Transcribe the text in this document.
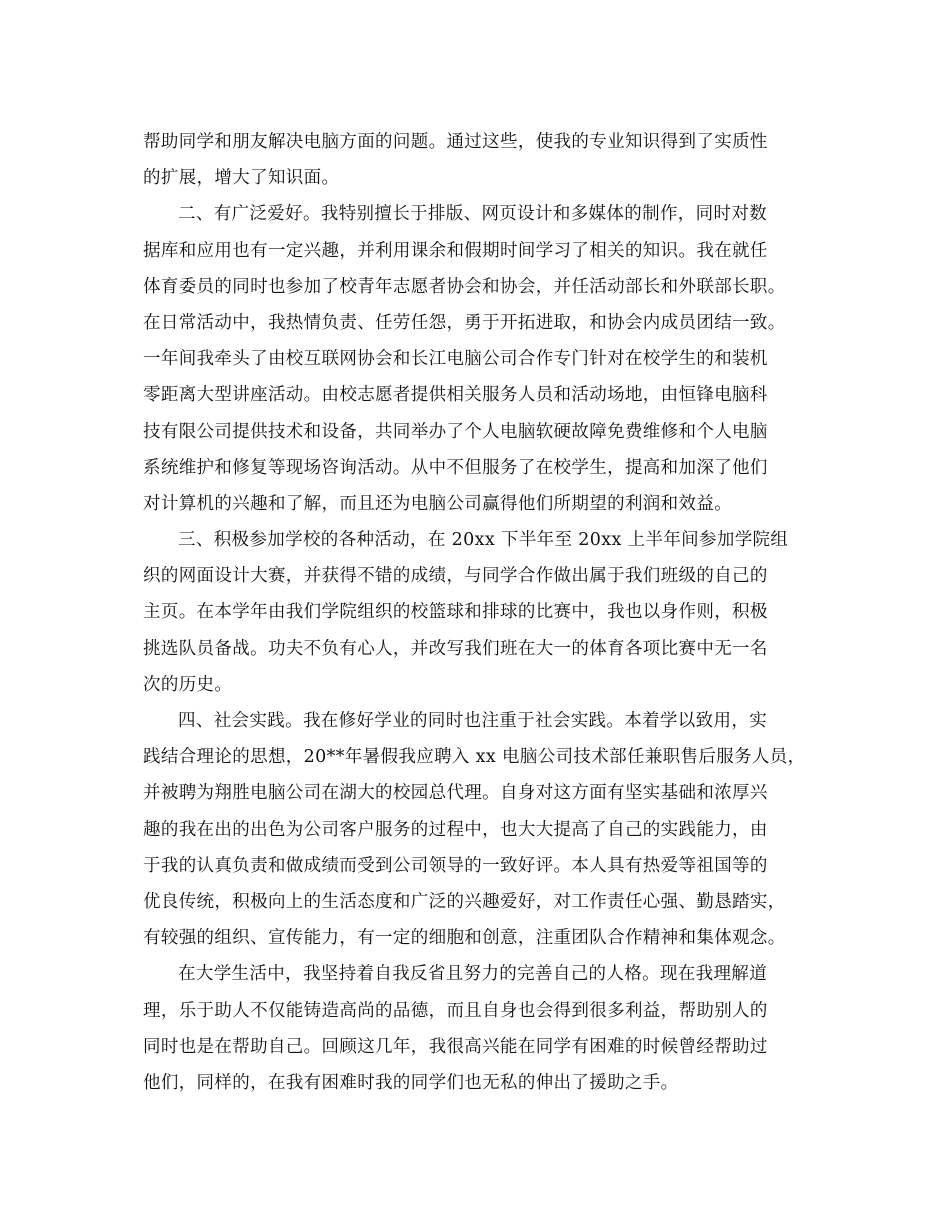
帮助同学和朋友解决电脑方面的问题。通过这些，使我的专业知识得到了实质性
的扩展，增大了知识面。

二、有广泛爱好。我特别擅长于排版、网页设计和多媒体的制作，同时对数
据库和应用也有一定兴趣，并利用课余和假期时间学习了相关的知识。我在就任
体育委员的同时也参加了校青年志愿者协会和协会，并任活动部长和外联部长职。
在日常活动中，我热情负责、任劳任怨，勇于开拓进取，和协会内成员团结一致。
一年间我牵头了由校互联网协会和长江电脑公司合作专门针对在校学生的和装机
零距离大型讲座活动。由校志愿者提供相关服务人员和活动场地，由恒锋电脑科
技有限公司提供技术和设备，共同举办了个人电脑软硬故障免费维修和个人电脑
系统维护和修复等现场咨询活动。从中不但服务了在校学生，提高和加深了他们
对计算机的兴趣和了解，而且还为电脑公司赢得他们所期望的利润和效益。

三、积极参加学校的各种活动，在 20xx 下半年至 20xx 上半年间参加学院组
织的网面设计大赛，并获得不错的成绩，与同学合作做出属于我们班级的自己的
主页。在本学年由我们学院组织的校篮球和排球的比赛中，我也以身作则，积极
挑选队员备战。功夫不负有心人，并改写我们班在大一的体育各项比赛中无一名
次的历史。

四、社会实践。我在修好学业的同时也注重于社会实践。本着学以致用，实
践结合理论的思想，20**年暑假我应聘入 xx 电脑公司技术部任兼职售后服务人员，
并被聘为翔胜电脑公司在湖大的校园总代理。自身对这方面有坚实基础和浓厚兴
趣的我在出的出色为公司客户服务的过程中，也大大提高了自己的实践能力，由
于我的认真负责和做成绩而受到公司领导的一致好评。本人具有热爱等祖国等的
优良传统，积极向上的生活态度和广泛的兴趣爱好，对工作责任心强、勤恳踏实，
有较强的组织、宣传能力，有一定的细胞和创意，注重团队合作精神和集体观念。

在大学生活中，我坚持着自我反省且努力的完善自己的人格。现在我理解道
理，乐于助人不仅能铸造高尚的品德，而且自身也会得到很多利益，帮助别人的
同时也是在帮助自己。回顾这几年，我很高兴能在同学有困难的时候曾经帮助过
他们，同样的，在我有困难时我的同学们也无私的伸出了援助之手。
